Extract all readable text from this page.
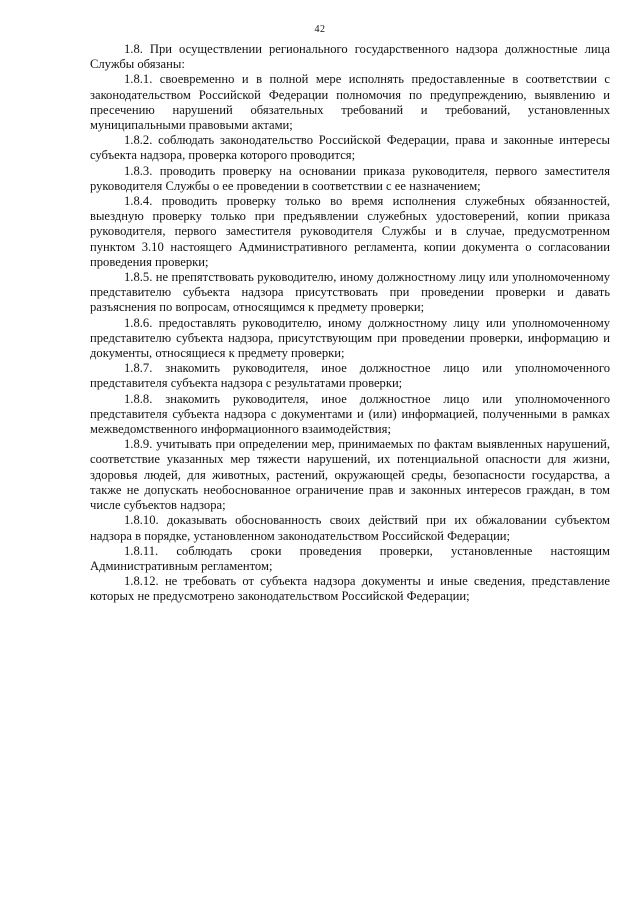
42

1.8. При осуществлении регионального государственного надзора должностные лица Службы обязаны:

1.8.1. своевременно и в полной мере исполнять предоставленные в соответствии с законодательством Российской Федерации полномочия по предупреждению, выявлению и пресечению нарушений обязательных требований и требований, установленных муниципальными правовыми актами;

1.8.2. соблюдать законодательство Российской Федерации, права и законные интересы субъекта надзора, проверка которого проводится;

1.8.3. проводить проверку на основании приказа руководителя, первого заместителя руководителя Службы о ее проведении в соответствии с ее назначением;

1.8.4. проводить проверку только во время исполнения служебных обязанностей, выездную проверку только при предъявлении служебных удостоверений, копии приказа руководителя, первого заместителя руководителя Службы и в случае, предусмотренном пунктом 3.10 настоящего Административного регламента, копии документа о согласовании проведения проверки;

1.8.5. не препятствовать руководителю, иному должностному лицу или уполномоченному представителю субъекта надзора присутствовать при проведении проверки и давать разъяснения по вопросам, относящимся к предмету проверки;

1.8.6. предоставлять руководителю, иному должностному лицу или уполномоченному представителю субъекта надзора, присутствующим при проведении проверки, информацию и документы, относящиеся к предмету проверки;

1.8.7. знакомить руководителя, иное должностное лицо или уполномоченного представителя субъекта надзора с результатами проверки;

1.8.8. знакомить руководителя, иное должностное лицо или уполномоченного представителя субъекта надзора с документами и (или) информацией, полученными в рамках межведомственного информационного взаимодействия;

1.8.9. учитывать при определении мер, принимаемых по фактам выявленных нарушений, соответствие указанных мер тяжести нарушений, их потенциальной опасности для жизни, здоровья людей, для животных, растений, окружающей среды, безопасности государства, а также не допускать необоснованное ограничение прав и законных интересов граждан, в том числе субъектов надзора;

1.8.10. доказывать обоснованность своих действий при их обжаловании субъектом надзора в порядке, установленном законодательством Российской Федерации;

1.8.11. соблюдать сроки проведения проверки, установленные настоящим Административным регламентом;

1.8.12. не требовать от субъекта надзора документы и иные сведения, представление которых не предусмотрено законодательством Российской Федерации;
